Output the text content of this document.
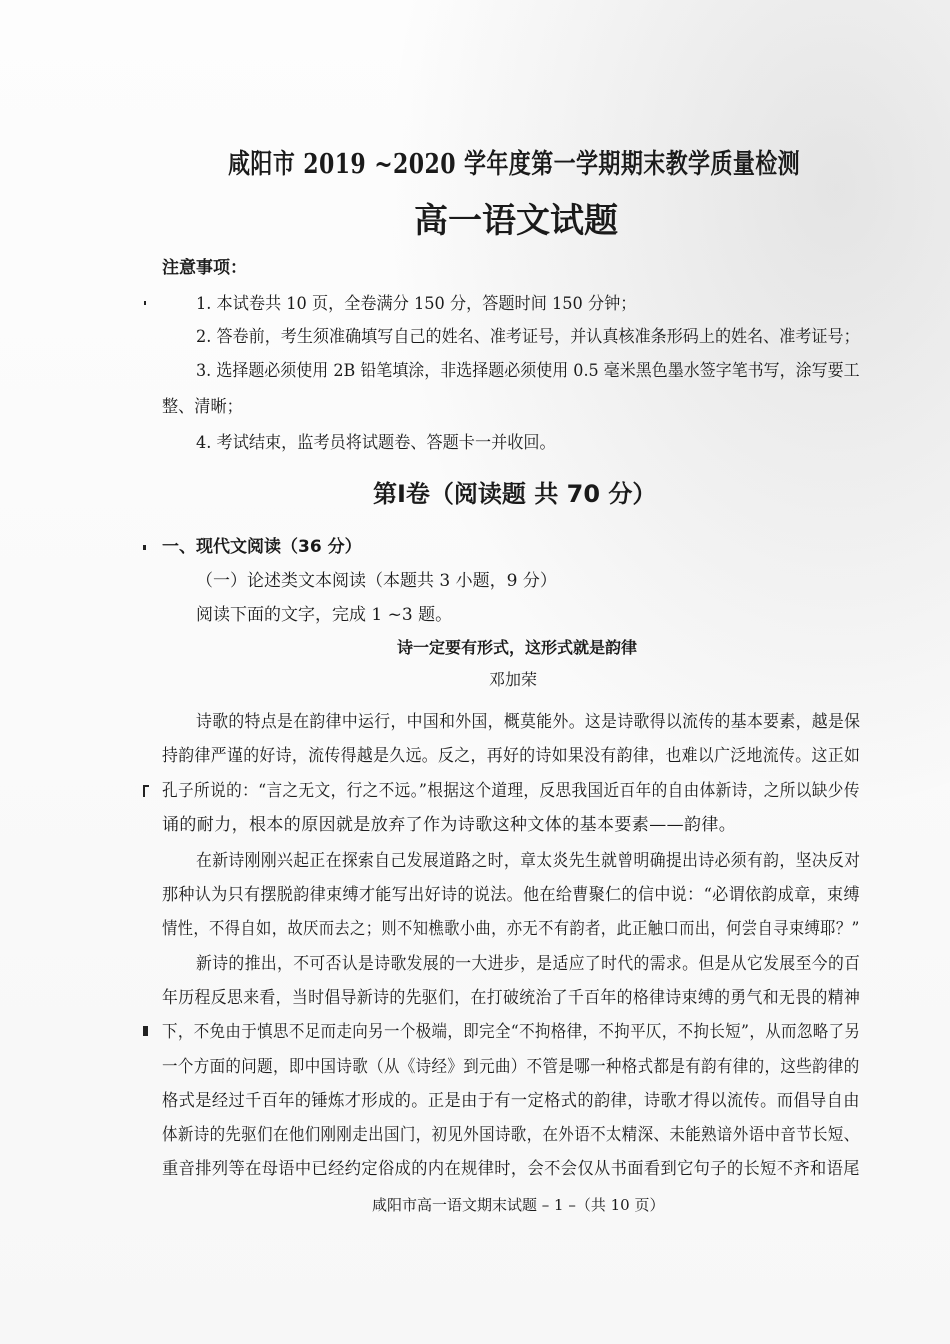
咸阳市 2019 ~2020 学年度第一学期期末教学质量检测
高一语文试题
注意事项：
1. 本试卷共 10 页，全卷满分 150 分，答题时间 150 分钟；
2. 答卷前，考生须准确填写自己的姓名、准考证号，并认真核准条形码上的姓名、准考证号；
3. 选择题必须使用 2B 铅笔填涂，非选择题必须使用 0.5 毫米黑色墨水签字笔书写，涂写要工
整、清晰；
4. 考试结束，监考员将试题卷、答题卡一并收回。
第Ⅰ卷（阅读题 共 70 分）
一、现代文阅读（36 分）
（一）论述类文本阅读（本题共 3 小题，9 分）
阅读下面的文字，完成 1 ~3 题。
诗一定要有形式，这形式就是韵律
邓加荣
诗歌的特点是在韵律中运行，中国和外国，概莫能外。这是诗歌得以流传的基本要素，越是保
持韵律严谨的好诗，流传得越是久远。反之，再好的诗如果没有韵律，也难以广泛地流传。这正如
孔子所说的：“言之无文，行之不远。”根据这个道理，反思我国近百年的自由体新诗，之所以缺少传
诵的耐力，根本的原因就是放弃了作为诗歌这种文体的基本要素——韵律。
在新诗刚刚兴起正在探索自己发展道路之时，章太炎先生就曾明确提出诗必须有韵，坚决反对
那种认为只有摆脱韵律束缚才能写出好诗的说法。他在给曹聚仁的信中说：“必谓依韵成章，束缚
情性，不得自如，故厌而去之；则不知樵歌小曲，亦无不有韵者，此正触口而出，何尝自寻束缚耶？”
新诗的推出，不可否认是诗歌发展的一大进步，是适应了时代的需求。但是从它发展至今的百
年历程反思来看，当时倡导新诗的先驱们，在打破统治了千百年的格律诗束缚的勇气和无畏的精神
下，不免由于慎思不足而走向另一个极端，即完全“不拘格律，不拘平仄，不拘长短”，从而忽略了另
一个方面的问题，即中国诗歌（从《诗经》到元曲）不管是哪一种格式都是有韵有律的，这些韵律的
格式是经过千百年的锤炼才形成的。正是由于有一定格式的韵律，诗歌才得以流传。而倡导自由
体新诗的先驱们在他们刚刚走出国门，初见外国诗歌，在外语不太精深、未能熟谙外语中音节长短、
重音排列等在母语中已经约定俗成的内在规律时，会不会仅从书面看到它句子的长短不齐和语尾
咸阳市高一语文期末试题 – 1 –（共 10 页）
